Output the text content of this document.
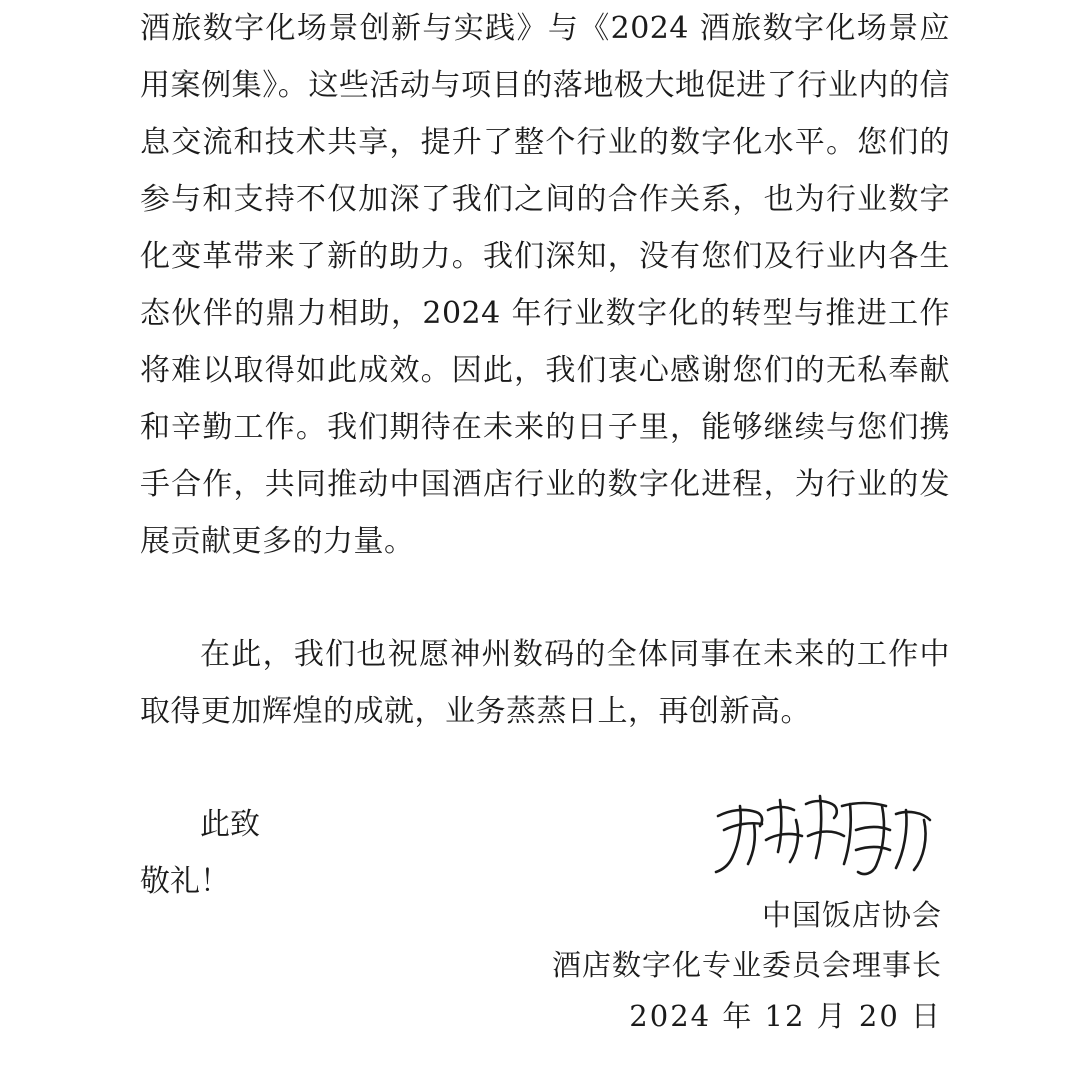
酒旅数字化场景创新与实践》与《2024 酒旅数字化场景应用案例集》。这些活动与项目的落地极大地促进了行业内的信息交流和技术共享，提升了整个行业的数字化水平。您们的参与和支持不仅加深了我们之间的合作关系，也为行业数字化变革带来了新的助力。我们深知，没有您们及行业内各生态伙伴的鼎力相助，2024 年行业数字化的转型与推进工作将难以取得如此成效。因此，我们衷心感谢您们的无私奉献和辛勤工作。我们期待在未来的日子里，能够继续与您们携手合作，共同推动中国酒店行业的数字化进程，为行业的发展贡献更多的力量。

在此，我们也祝愿神州数码的全体同事在未来的工作中取得更加辉煌的成就，业务蒸蒸日上，再创新高。

此致
敬礼！
中国饭店协会
酒店数字化专业委员会理事长
2024 年 12 月 20 日
